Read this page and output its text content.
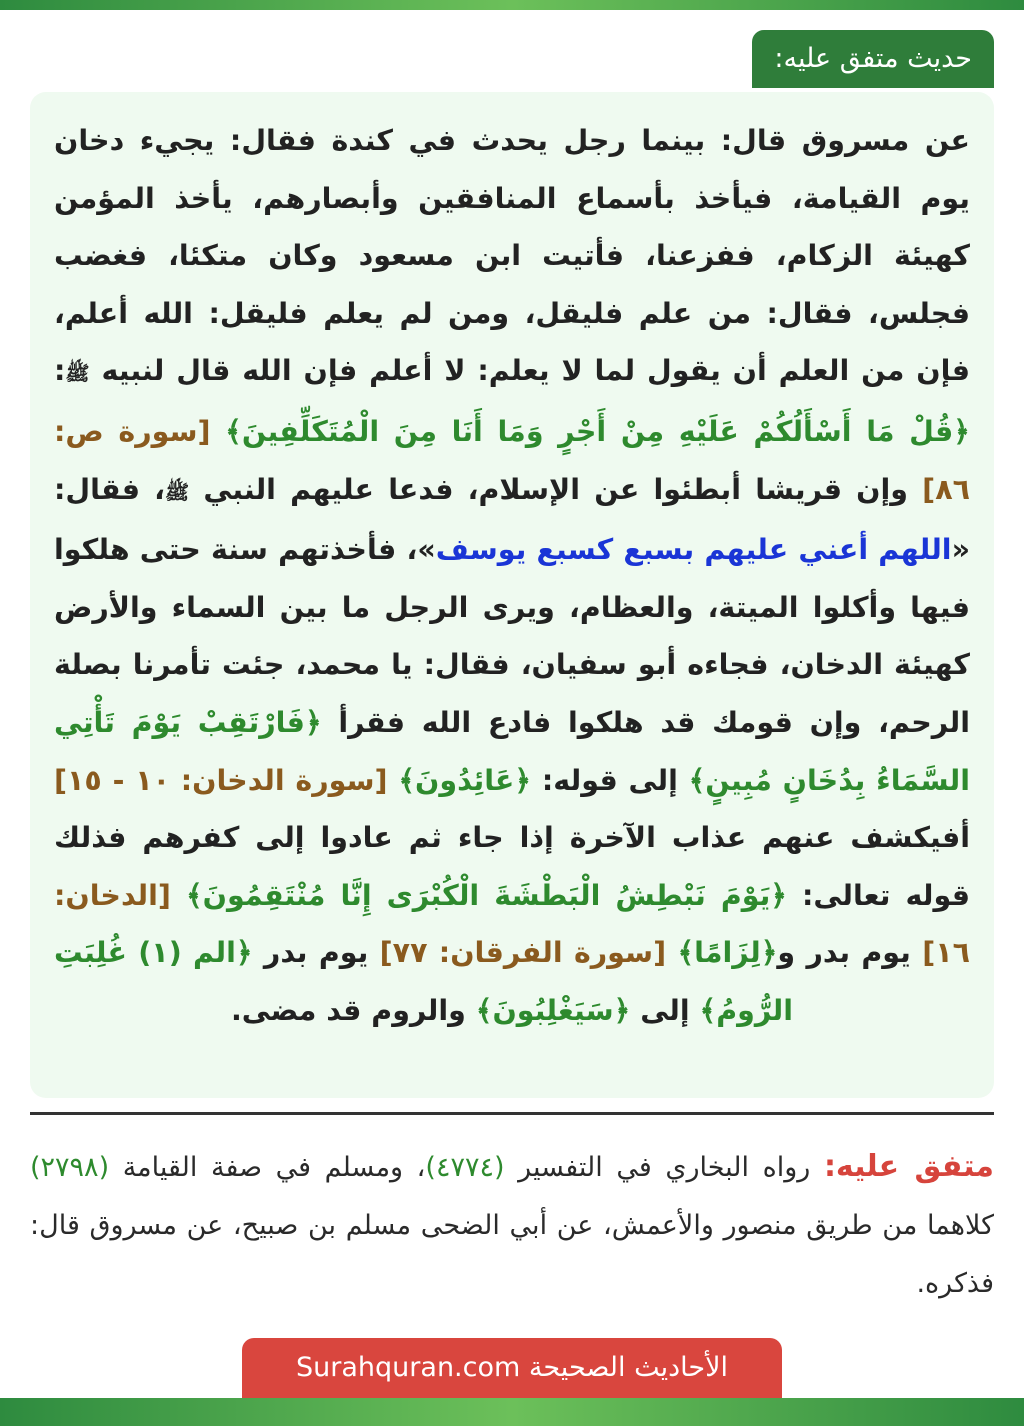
حديث متفق عليه:
عن مسروق قال: بينما رجل يحدث في كندة فقال: يجيء دخان يوم القيامة، فيأخذ بأسماع المنافقين وأبصارهم، يأخذ المؤمن كهيئة الزكام، ففزعنا، فأتيت ابن مسعود وكان متكئا، فغضب فجلس، فقال: من علم فليقل، ومن لم يعلم فليقل: الله أعلم، فإن من العلم أن يقول لما لا يعلم: لا أعلم فإن الله قال لنبيه ﷺ: ﴿قُلْ مَا أَسْأَلُكُمْ عَلَيْهِ مِنْ أَجْرٍ وَمَا أَنَا مِنَ الْمُتَكَلِّفِينَ﴾ [سورة ص: ٨٦] وإن قريشا أبطئوا عن الإسلام، فدعا عليهم النبي ﷺ، فقال: «اللهم أعني عليهم بسبع كسبع يوسف»، فأخذتهم سنة حتى هلكوا فيها وأكلوا الميتة، والعظام، ويرى الرجل ما بين السماء والأرض كهيئة الدخان، فجاءه أبو سفيان، فقال: يا محمد، جئت تأمرنا بصلة الرحم، وإن قومك قد هلكوا فادع الله فقرأ ﴿فَارْتَقِبْ يَوْمَ تَأْتِي السَّمَاءُ بِدُخَانٍ مُبِينٍ﴾ إلى قوله: ﴿عَائِدُونَ﴾ [سورة الدخان: ١٠ - ١٥] أفيكشف عنهم عذاب الآخرة إذا جاء ثم عادوا إلى كفرهم فذلك قوله تعالى: ﴿يَوْمَ نَبْطِشُ الْبَطْشَةَ الْكُبْرَى إِنَّا مُنْتَقِمُونَ﴾ [الدخان: ١٦] يوم بدر و﴿لِزَامًا﴾ [سورة الفرقان: ٧٧] يوم بدر ﴿الم (١) غُلِبَتِ الرُّومُ﴾ إلى ﴿سَيَغْلِبُونَ﴾ والروم قد مضى.
متفق عليه: رواه البخاري في التفسير (٤٧٧٤)، ومسلم في صفة القيامة (٢٧٩٨) كلاهما من طريق منصور والأعمش، عن أبي الضحى مسلم بن صبيح، عن مسروق قال: فذكره.
الأحاديث الصحيحة Surahquran.com
